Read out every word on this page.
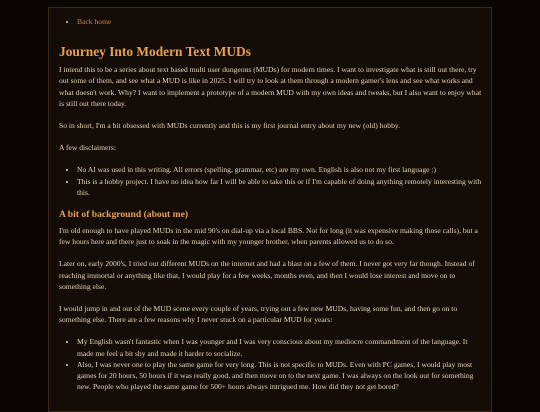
• Back home
Journey Into Modern Text MUDs

I intend this to be a series about text based multi user dungeons (MUDs) for modern times. I want to investigate what is still out there, try out some of them, and see what a MUD is like in 2025. I will try to look at them through a modern gamer's lens and see what works and what doesn't work. Why? I want to implement a prototype of a modern MUD with my own ideas and tweaks, but I also want to enjoy what is still out there today.

So in short, I'm a bit obsessed with MUDs currently and this is my first journal entry about my new (old) hobby.

A few disclaimers:

• No AI was used in this writing. All errors (spelling, grammar, etc) are my own. English is also not my first language :)
• This is a hobby project. I have no idea how far I will be able to take this or if I'm capable of doing anything remotely interesting with this.
A bit of background (about me)

I'm old enough to have played MUDs in the mid 90's on dial-up via a local BBS. Not for long (it was expensive making those calls), but a few hours here and there just to soak in the magic with my younger brother, when parents allowed us to do so.

Later on, early 2000's, I tried out different MUDs on the internet and had a blast on a few of them. I never got very far though. Instead of reaching immortal or anything like that, I would play for a few weeks, months even, and then I would lose interest and move on to something else.

I would jump in and out of the MUD scene every couple of years, trying out a few new MUDs, having some fun, and then go on to something else. There are a few reasons why I never stuck on a particular MUD for years:

• My English wasn't fantastic when I was younger and I was very conscious about my mediocre commandment of the language. It made me feel a bit shy and made it harder to socialize.
• Also, I was never one to play the same game for very long. This is not specific to MUDs. Even with PC games, I would play most games for 20 hours, 50 hours if it was really good, and then move on to the next game. I was always on the look out for something new. People who played the same game for 500+ hours always intrigued me. How did they not get bored?
